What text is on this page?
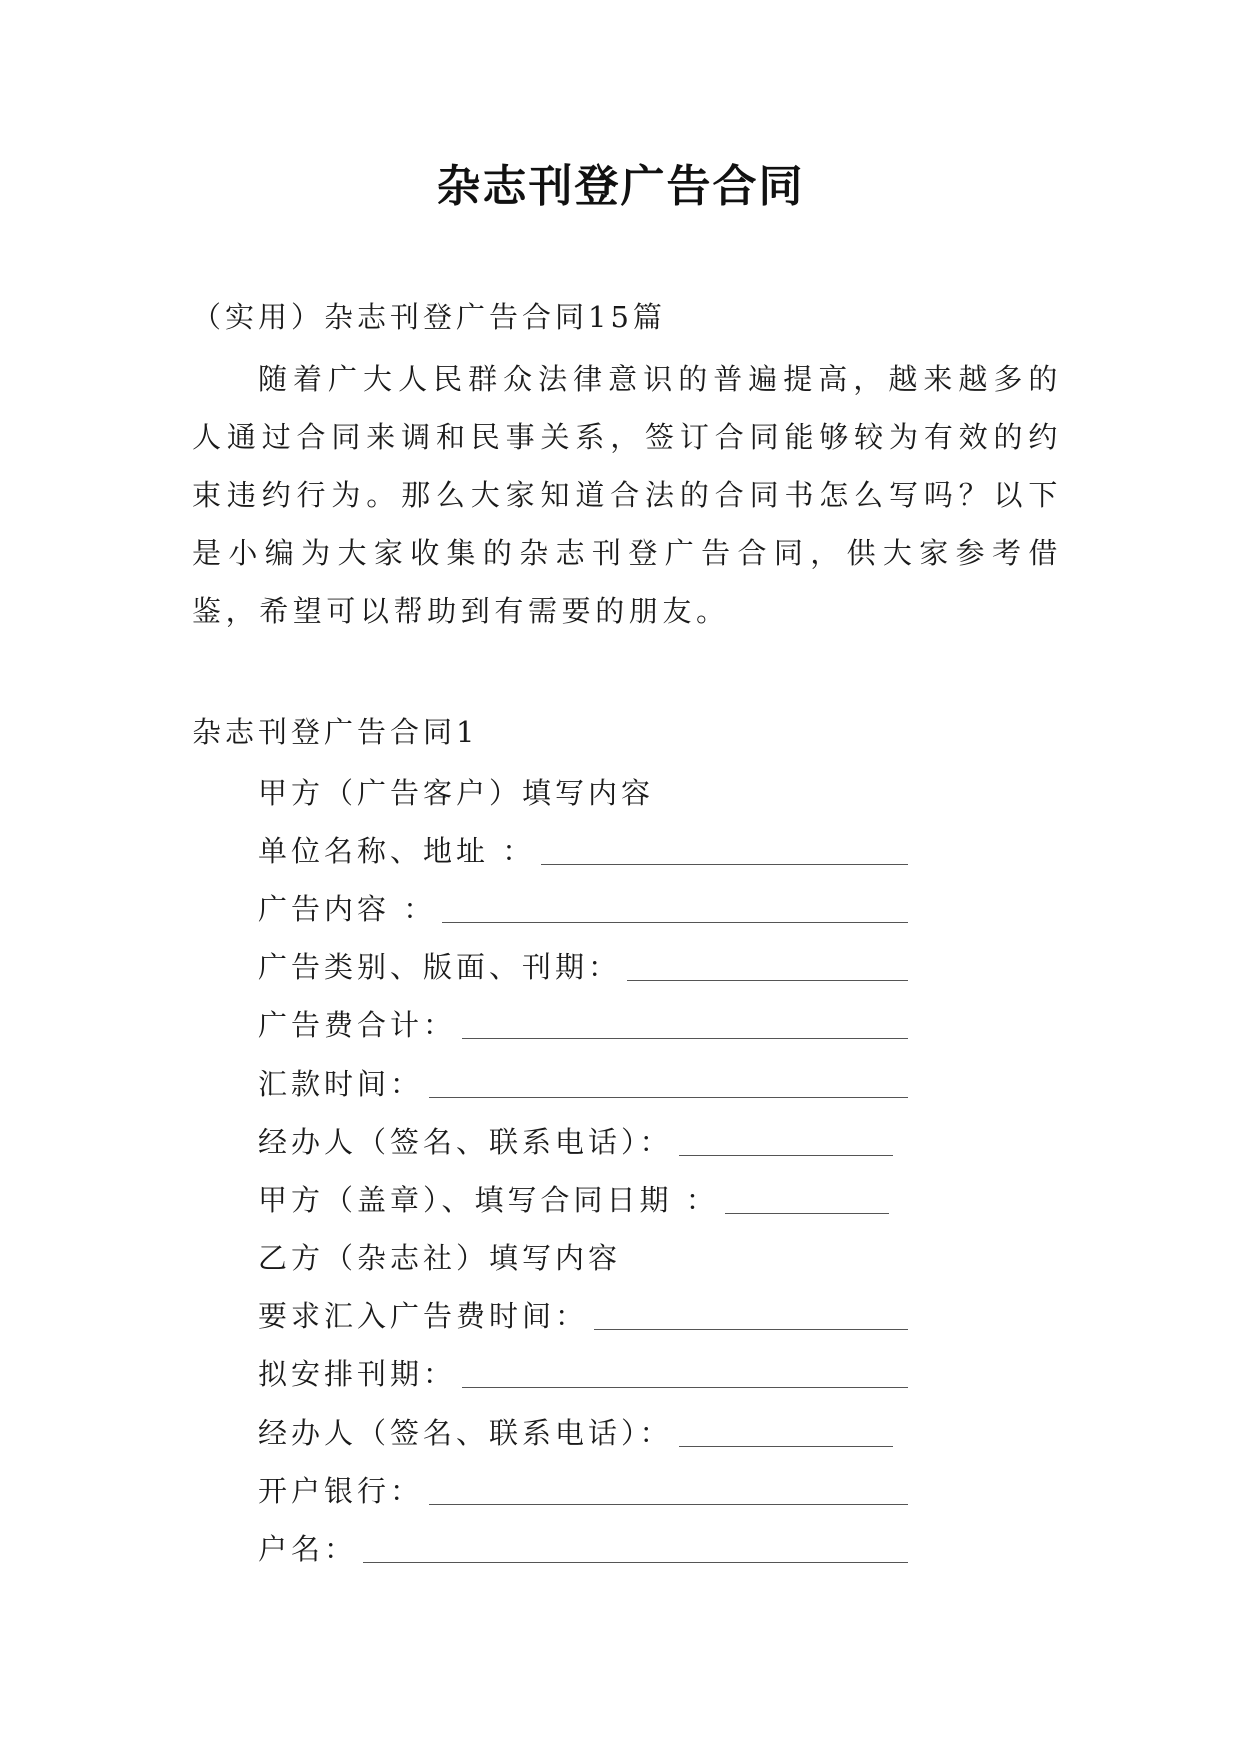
杂志刊登广告合同
（实用）杂志刊登广告合同15篇

随着广大人民群众法律意识的普遍提高，越来越多的人通过合同来调和民事关系，签订合同能够较为有效的约束违约行为。那么大家知道合法的合同书怎么写吗？以下是小编为大家收集的杂志刊登广告合同，供大家参考借鉴，希望可以帮助到有需要的朋友。

杂志刊登广告合同1
甲方（广告客户）填写内容
单位名称、地址 ：
广告内容 ：
广告类别、版面、刊期：
广告费合计：
汇款时间：
经办人（签名、联系电话）：
甲方（盖章）、填写合同日期 ：
乙方（杂志社）填写内容
要求汇入广告费时间：
拟安排刊期：
经办人（签名、联系电话）：
开户银行：
户名：
